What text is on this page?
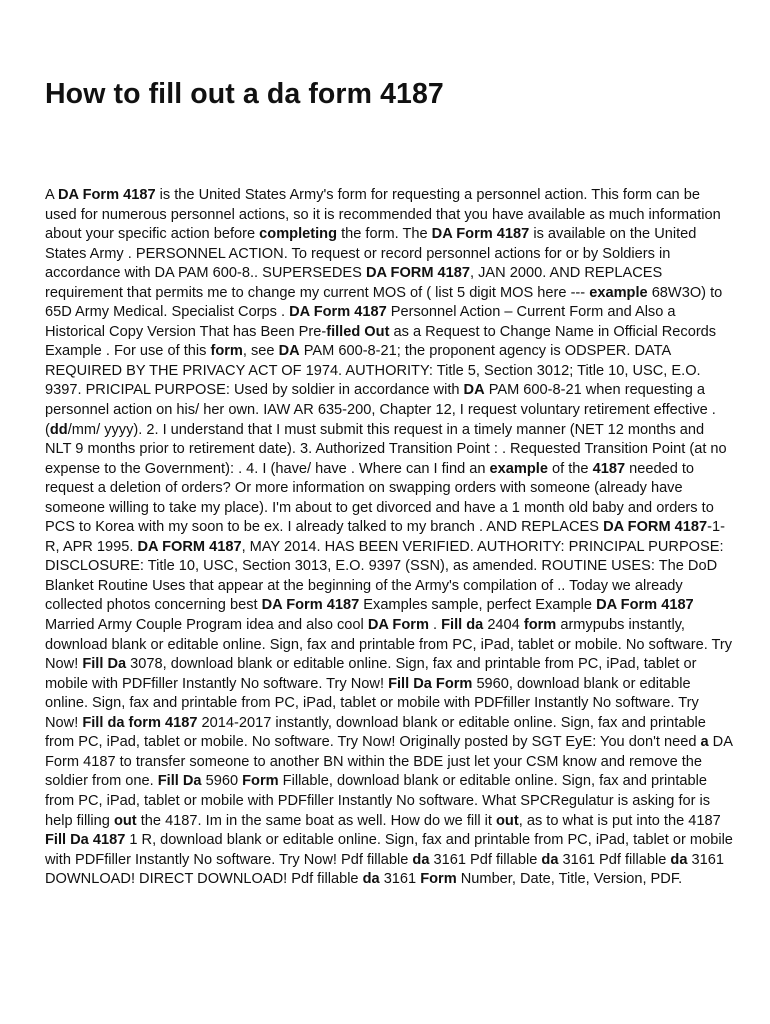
How to fill out a da form 4187

A DA Form 4187 is the United States Army's form for requesting a personnel action. This form can be used for numerous personnel actions, so it is recommended that you have available as much information about your specific action before completing the form. The DA Form 4187 is available on the United States Army . PERSONNEL ACTION. To request or record personnel actions for or by Soldiers in accordance with DA PAM 600-8.. SUPERSEDES DA FORM 4187, JAN 2000. AND REPLACES requirement that permits me to change my current MOS of ( list 5 digit MOS here --- example 68W3O) to 65D Army Medical. Specialist Corps . DA Form 4187 Personnel Action – Current Form and Also a Historical Copy Version That has Been Pre-filled Out as a Request to Change Name in Official Records Example . For use of this form, see DA PAM 600-8-21; the proponent agency is ODSPER. DATA REQUIRED BY THE PRIVACY ACT OF 1974. AUTHORITY: Title 5, Section 3012; Title 10, USC, E.O. 9397. PRICIPAL PURPOSE: Used by soldier in accordance with DA PAM 600-8-21 when requesting a personnel action on his/ her own. IAW AR 635-200, Chapter 12, I request voluntary retirement effective . (dd/mm/ yyyy). 2. I understand that I must submit this request in a timely manner (NET 12 months and NLT 9 months prior to retirement date). 3. Authorized Transition Point : . Requested Transition Point (at no expense to the Government): . 4. I (have/ have . Where can I find an example of the 4187 needed to request a deletion of orders? Or more information on swapping orders with someone (already have someone willing to take my place). I'm about to get divorced and have a 1 month old baby and orders to PCS to Korea with my soon to be ex. I already talked to my branch . AND REPLACES DA FORM 4187-1-R, APR 1995. DA FORM 4187, MAY 2014. HAS BEEN VERIFIED. AUTHORITY: PRINCIPAL PURPOSE: DISCLOSURE: Title 10, USC, Section 3013, E.O. 9397 (SSN), as amended. ROUTINE USES: The DoD Blanket Routine Uses that appear at the beginning of the Army's compilation of .. Today we already collected photos concerning best DA Form 4187 Examples sample, perfect Example DA Form 4187 Married Army Couple Program idea and also cool DA Form . Fill da 2404 form armypubs instantly, download blank or editable online. Sign, fax and printable from PC, iPad, tablet or mobile. No software. Try Now! Fill Da 3078, download blank or editable online. Sign, fax and printable from PC, iPad, tablet or mobile with PDFfiller Instantly No software. Try Now! Fill Da Form 5960, download blank or editable online. Sign, fax and printable from PC, iPad, tablet or mobile with PDFfiller Instantly No software. Try Now! Fill da form 4187 2014-2017 instantly, download blank or editable online. Sign, fax and printable from PC, iPad, tablet or mobile. No software. Try Now! Originally posted by SGT EyE: You don't need a DA Form 4187 to transfer someone to another BN within the BDE just let your CSM know and remove the soldier from one. Fill Da 5960 Form Fillable, download blank or editable online. Sign, fax and printable from PC, iPad, tablet or mobile with PDFfiller Instantly No software. What SPCRegulatur is asking for is help filling out the 4187. Im in the same boat as well. How do we fill it out, as to what is put into the 4187 Fill Da 4187 1 R, download blank or editable online. Sign, fax and printable from PC, iPad, tablet or mobile with PDFfiller Instantly No software. Try Now! Pdf fillable da 3161 Pdf fillable da 3161 Pdf fillable da 3161 DOWNLOAD! DIRECT DOWNLOAD! Pdf fillable da 3161 Form Number, Date, Title, Version, PDF.
